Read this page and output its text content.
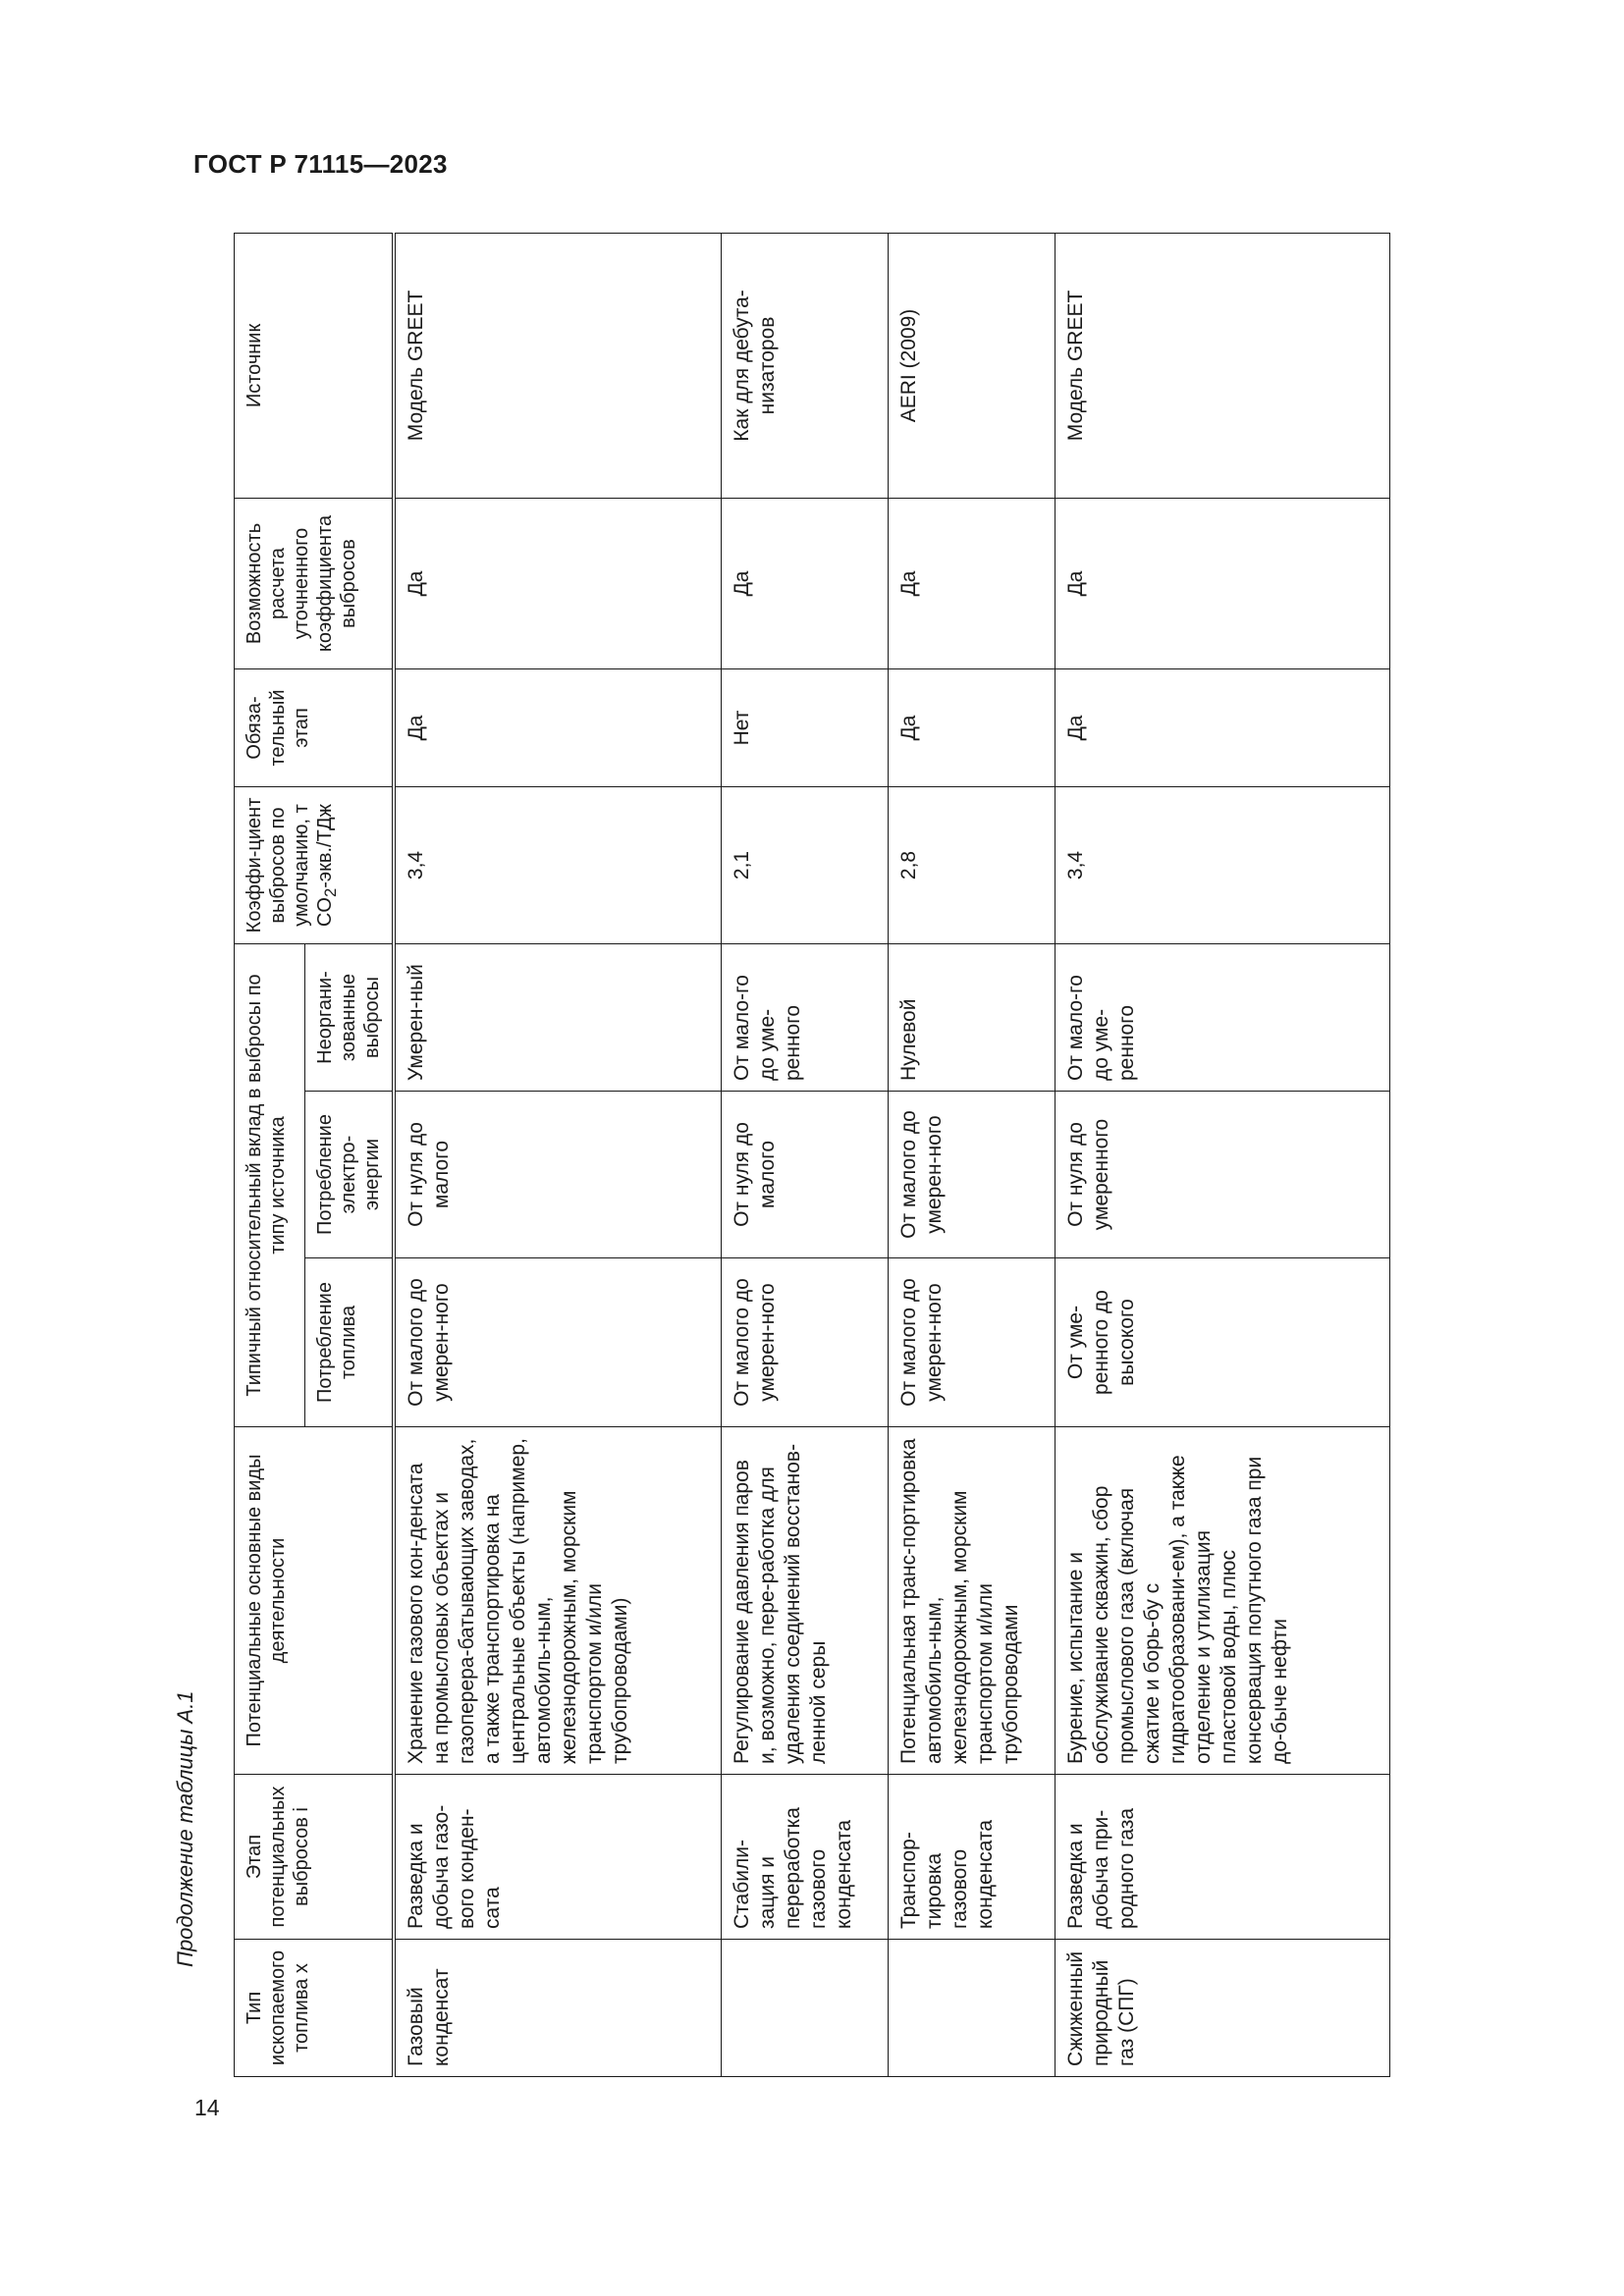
ГОСТ Р 71115—2023
Продолжение таблицы А.1
14
Тип ископаемого топлива x	Этап потенциальных выбросов i	Потенциальные основные виды деятельности	Типичный относительный вклад в выбросы по типу источника			Коэффи-циент выбросов по умолчанию, т $CO_2-экв$./ТДж	Обяза-тельный этап	Возможность расчета уточненного коэффициента выбросов	Источник
			Потребление топлива	Потребление электро-энергии	Неоргани-зованные выбросы				
Газовый конденсат	Разведка и добыча газо-вого конден-сата	Хранение газового кон-денсата на промысловых объектах и газоперера-батывающих заводах, а также транспортировка на центральные объекты (например, автомобиль-ным, железнодорожным, морским транспортом и/или трубопроводами)	От малого до умерен-ного	От нуля до малого	Умерен-ный	3,4	Да	Да	Модель GREET
	Стабили-зация и переработка газового конденсата	Регулирование давления паров и, возможно, пере-работка для удаления соединений восстанов-ленной серы	От малого до умерен-ного	От нуля до малого	От мало-го до уме-ренного	2,1	Нет	Да	Как для дебута-низаторов
	Транспор-тировка газового конденсата	Потенциальная транс-портировка автомобиль-ным, железнодорожным, морским транспортом и/или трубопроводами	От малого до умерен-ного	От малого до умерен-ного	Нулевой	2,8	Да	Да	AERI (2009)
Сжиженный природный газ (СПГ)	Разведка и добыча при-родного газа	Бурение, испытание и обслуживание скважин, сбор промыслового газа (включая сжатие и борь-бу с гидратообразовани-ем), а также отделение и утилизация пластовой воды, плюс консервация попутного газа при до-быче нефти	От уме-ренного до высокого	От нуля до умеренного	От мало-го до уме-ренного	3,4	Да	Да	Модель GREET
